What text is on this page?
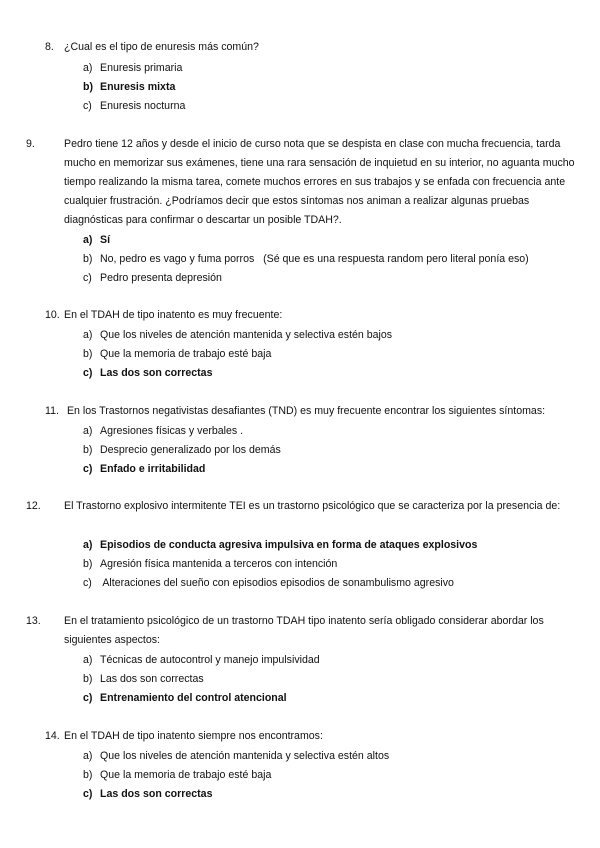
8. ¿Cual es el tipo de enuresis más común?

a) Enuresis primaria
b) Enuresis mixta
c) Enuresis nocturna

9.	Pedro tiene 12 años y desde el inicio de curso nota que se despista en clase con mucha frecuencia, tarda mucho en memorizar sus exámenes, tiene una rara sensación de inquietud en su interior, no aguanta mucho tiempo realizando la misma tarea, comete muchos errores en sus trabajos y se enfada con frecuencia ante cualquier frustración. ¿Podríamos decir que estos síntomas nos animan a realizar algunas pruebas diagnósticas para confirmar o descartar un posible TDAH?.

a) Sí
b) No, pedro es vago y fuma porros   (Sé que es una respuesta random pero literal ponía eso)
c) Pedro presenta depresión

10. En el TDAH de tipo inatento es muy frecuente:

a) Que los niveles de atención mantenida y selectiva estén bajos
b) Que la memoria de trabajo esté baja
c) Las dos son correctas

11. En los Trastornos negativistas desafiantes (TND) es muy frecuente encontrar los siguientes síntomas:

a) Agresiones físicas y verbales .
b) Desprecio generalizado por los demás
c) Enfado e irritabilidad

12. El Trastorno explosivo intermitente TEI es un trastorno psicológico que se caracteriza por la presencia de:

a) Episodios de conducta agresiva impulsiva en forma de ataques explosivos
b) Agresión física mantenida a terceros con intención
c) Alteraciones del sueño con episodios episodios de sonambulismo agresivo

13. En el tratamiento psicológico de un trastorno TDAH tipo inatento sería obligado considerar abordar los siguientes aspectos:

a) Técnicas de autocontrol y manejo impulsividad
b) Las dos son correctas
c) Entrenamiento del control atencional

14. En el TDAH de tipo inatento siempre nos encontramos:

a) Que los niveles de atención mantenida y selectiva estén altos
b) Que la memoria de trabajo esté baja
c) Las dos son correctas
